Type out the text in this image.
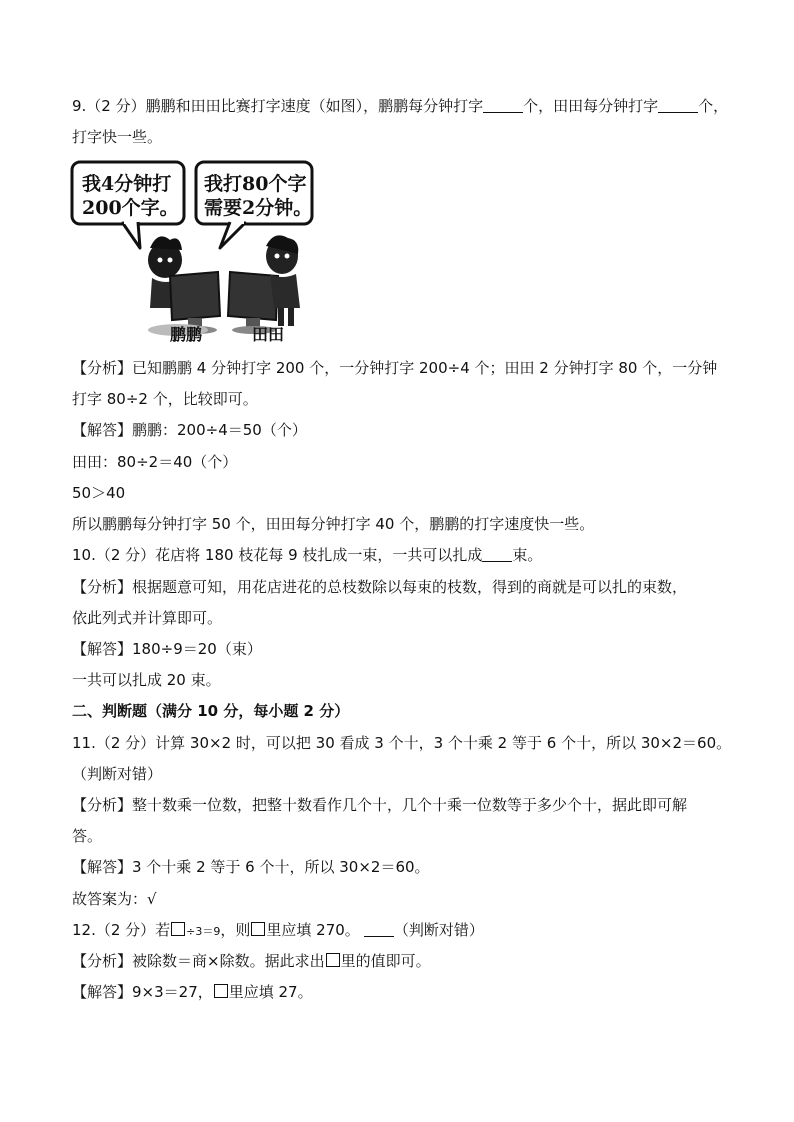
9.（2 分）鹏鹏和田田比赛打字速度（如图），鹏鹏每分钟打字	个，田田每分钟打字	个，
打字快一些。
我4分钟打
200个字。
我打80个字
需要2分钟。
鹏鹏	田田
【分析】已知鹏鹏 4 分钟打字 200 个，一分钟打字 200÷4 个；田田 2 分钟打字 80 个，一分钟
打字 80÷2 个，比较即可。
【解答】鹏鹏：200÷4＝50（个）
田田：80÷2＝40（个）
50＞40
所以鹏鹏每分钟打字 50 个，田田每分钟打字 40 个，鹏鹏的打字速度快一些。
10.（2 分）花店将 180 枝花每 9 枝扎成一束，一共可以扎成 束。
【分析】根据题意可知，用花店进花的总枝数除以每束的枝数，得到的商就是可以扎的束数，
依此列式并计算即可。
【解答】180÷9＝20（束）
一共可以扎成 20 束。
二、判断题（满分 10 分，每小题 2 分）
11.（2 分）计算 30×2 时，可以把 30 看成 3 个十，3 个十乘 2 等于 6 个十，所以 30×2＝60。
（判断对错）
【分析】整十数乘一位数，把整十数看作几个十，几个十乘一位数等于多少个十，据此即可解
答。
【解答】3 个十乘 2 等于 6 个十，所以 30×2＝60。
故答案为：√
12.（2 分）若 ÷3＝9，则 里应填 270。 （判断对错）
【分析】被除数＝商×除数。据此求出 里的值即可。
【解答】9×3＝27， 里应填 27。
